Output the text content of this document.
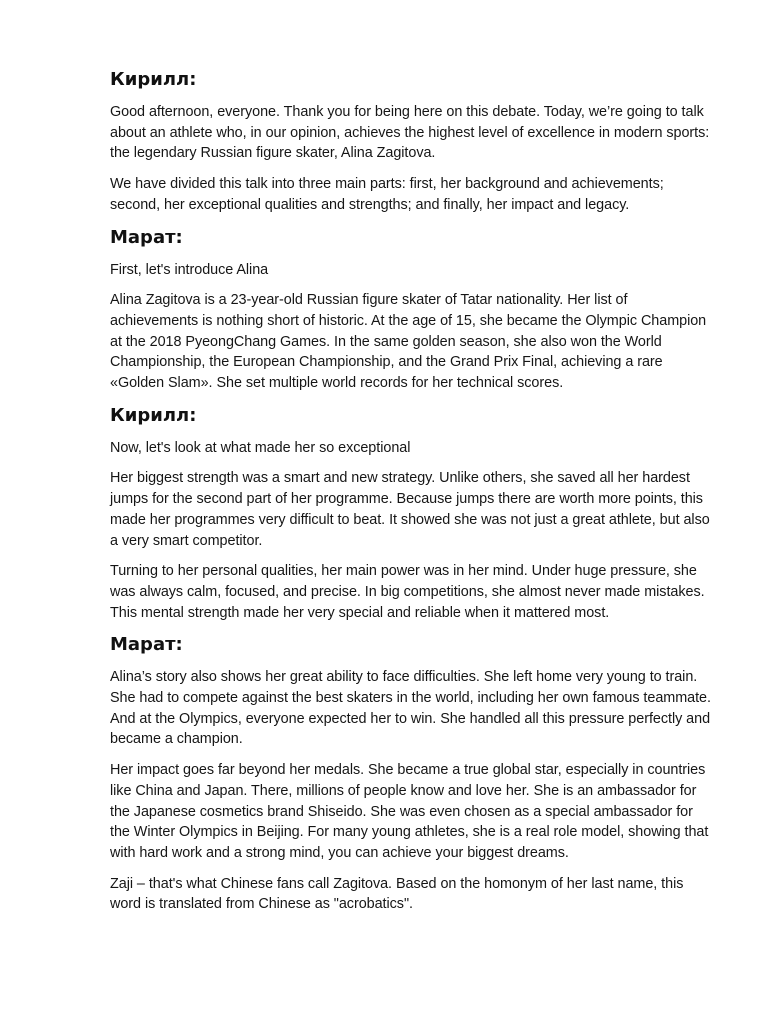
Кирилл:

Good afternoon, everyone. Thank you for being here on this debate. Today, we’re going to talk about an athlete who, in our opinion, achieves the highest level of excellence in modern sports: the legendary Russian figure skater, Alina Zagitova.

We have divided this talk into three main parts: first, her background and achievements; second, her exceptional qualities and strengths; and finally, her impact and legacy.

Марат:

First, let's introduce Alina

Alina Zagitova is a 23-year-old Russian figure skater of Tatar nationality. Her list of achievements is nothing short of historic. At the age of 15, she became the Olympic Champion at the 2018 PyeongChang Games. In the same golden season, she also won the World Championship, the European Championship, and the Grand Prix Final, achieving a rare «Golden Slam». She set multiple world records for her technical scores.

Кирилл:

Now, let's look at what made her so exceptional

Her biggest strength was a smart and new strategy. Unlike others, she saved all her hardest jumps for the second part of her programme. Because jumps there are worth more points, this made her programmes very difficult to beat. It showed she was not just a great athlete, but also a very smart competitor.

Turning to her personal qualities, her main power was in her mind. Under huge pressure, she was always calm, focused, and precise. In big competitions, she almost never made mistakes. This mental strength made her very special and reliable when it mattered most.

Марат:

Alina’s story also shows her great ability to face difficulties. She left home very young to train. She had to compete against the best skaters in the world, including her own famous teammate. And at the Olympics, everyone expected her to win. She handled all this pressure perfectly and became a champion.

Her impact goes far beyond her medals. She became a true global star, especially in countries like China and Japan. There, millions of people know and love her. She is an ambassador for the Japanese cosmetics brand Shiseido. She was even chosen as a special ambassador for the Winter Olympics in Beijing. For many young athletes, she is a real role model, showing that with hard work and a strong mind, you can achieve your biggest dreams.

Zaji – that's what Chinese fans call Zagitova. Based on the homonym of her last name, this word is translated from Chinese as "acrobatics".
